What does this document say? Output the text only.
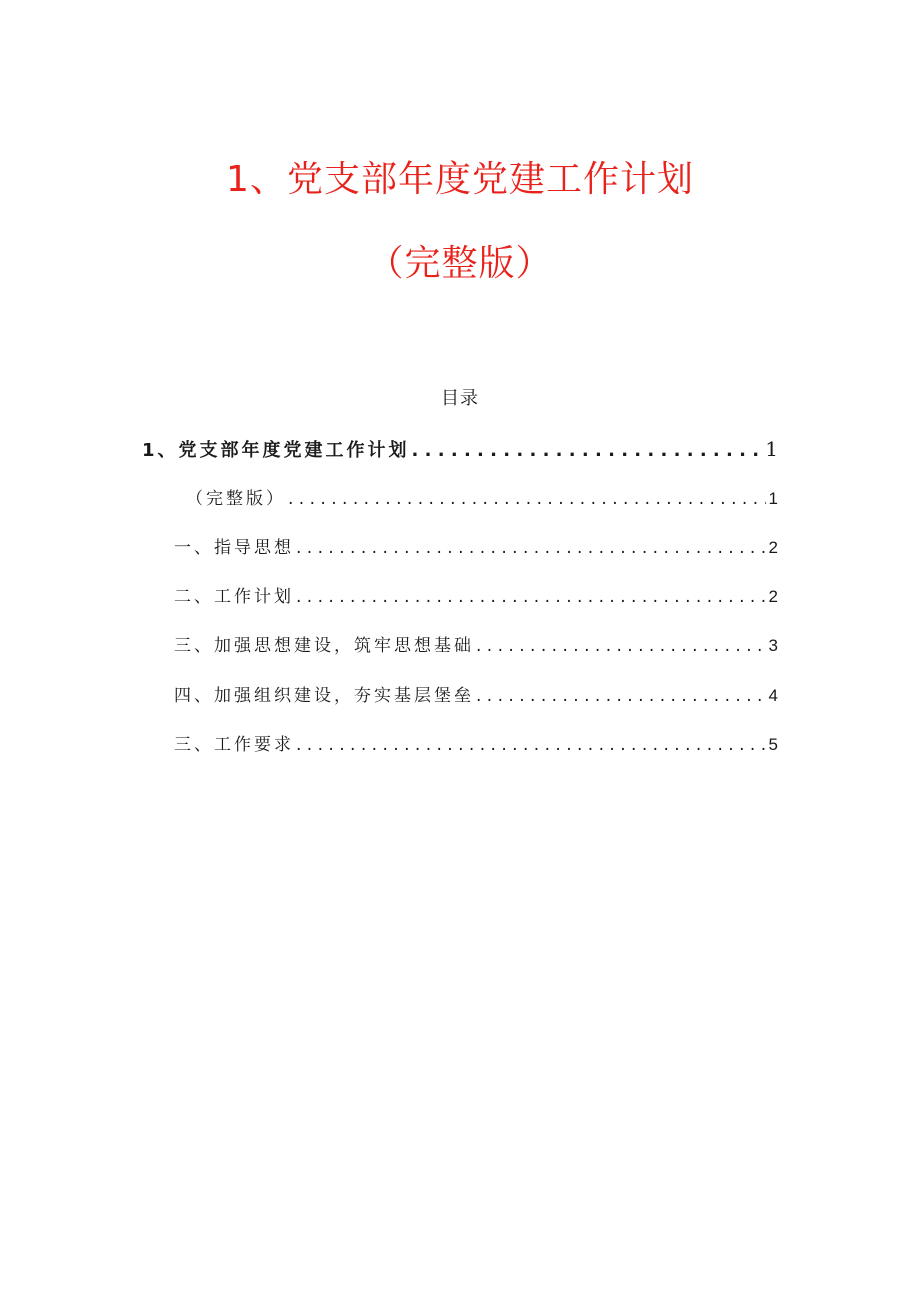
1、党支部年度党建工作计划
（完整版）
目录
1、党支部年度党建工作计划 . . .	1
（完整版） . . .	1
一、指导思想 . . .	2
二、工作计划 . . .	2
三、加强思想建设，筑牢思想基础 . . .	3
四、加强组织建设，夯实基层堡垒 . . .	4
三、工作要求 . . .	5
